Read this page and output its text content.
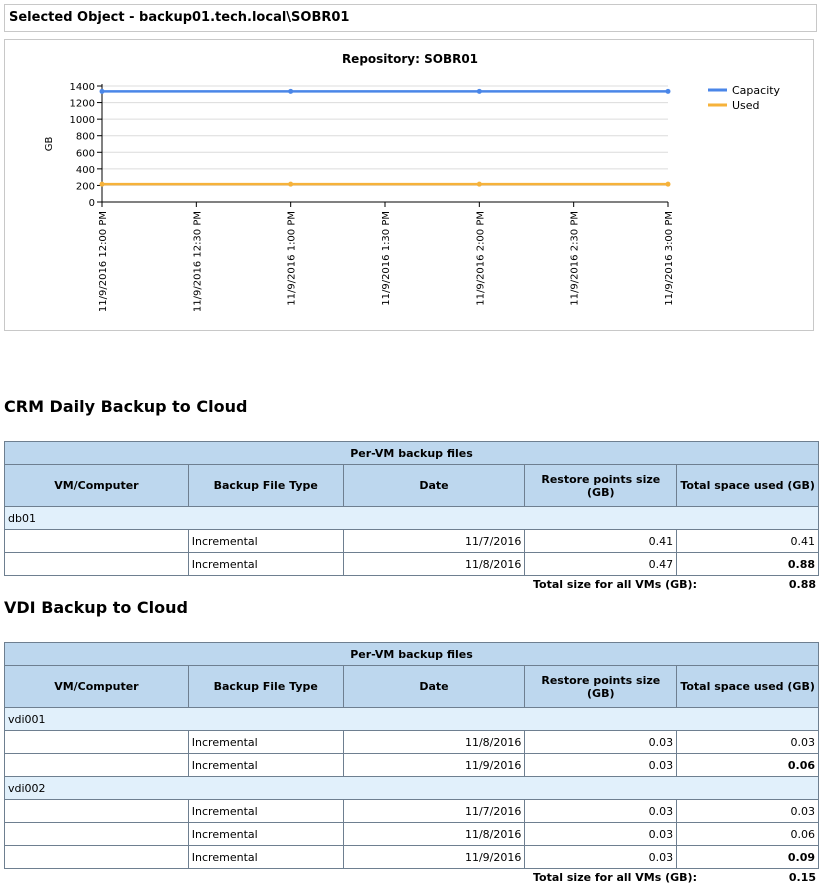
Selected Object - backup01.tech.local\SOBR01
Repository: SOBR01
0
200
400
600
800
1000
1200
1400
GB
11/9/2016 12:00 PM	11/9/2016 12:30 PM	11/9/2016 1:00 PM	11/9/2016 1:30 PM	11/9/2016 2:00 PM	11/9/2016 2:30 PM	11/9/2016 3:00 PM
Capacity
Used
CRM Daily Backup to Cloud
Per-VM backup files				
VM/Computer	Backup File Type	Date	Restore points size (GB)	Total space used (GB)
db01				
	Incremental	11/7/2016	0.41	0.41
	Incremental	11/8/2016	0.47	0.88
Total size for all VMs (GB):	0.88
VDI Backup to Cloud
Per-VM backup files				
VM/Computer	Backup File Type	Date	Restore points size (GB)	Total space used (GB)
vdi001				
	Incremental	11/8/2016	0.03	0.03
	Incremental	11/9/2016	0.03	0.06
vdi002				
	Incremental	11/7/2016	0.03	0.03
	Incremental	11/8/2016	0.03	0.06
	Incremental	11/9/2016	0.03	0.09
Total size for all VMs (GB):	0.15
